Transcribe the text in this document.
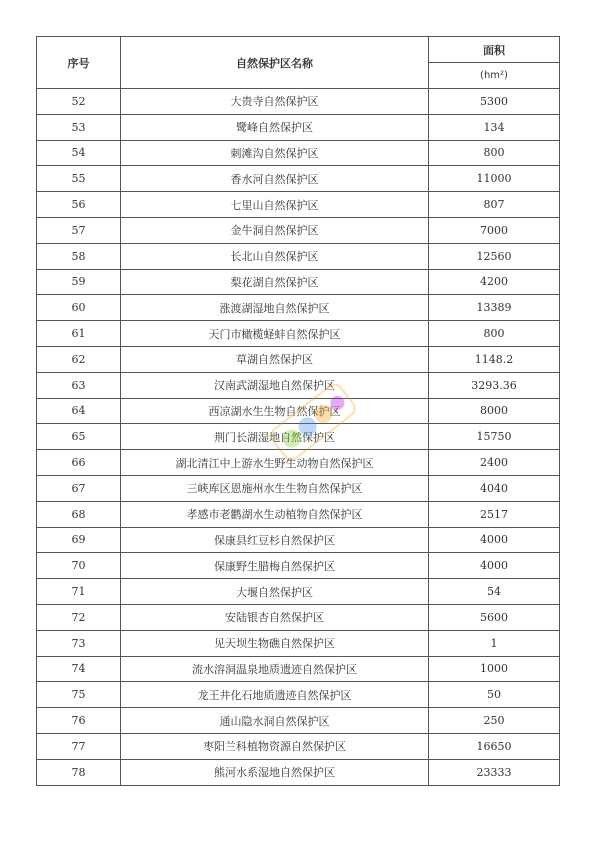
序号	自然保护区名称	面积
		(hm²)
52	大贵寺自然保护区	5300
53	鹭峰自然保护区	134
54	刺滩沟自然保护区	800
55	香水河自然保护区	11000
56	七里山自然保护区	807
57	金牛洞自然保护区	7000
58	长北山自然保护区	12560
59	梨花湖自然保护区	4200
60	涨渡湖湿地自然保护区	13389
61	天门市橄榄蛏蚌自然保护区	800
62	草湖自然保护区	1148.2
63	汉南武湖湿地自然保护区	3293.36
64	西凉湖水生生物自然保护区	8000
65	荆门长湖湿地自然保护区	15750
66	湖北清江中上游水生野生动物自然保护区	2400
67	三峡库区恩施州水生生物自然保护区	4040
68	孝感市老鹳湖水生动植物自然保护区	2517
69	保康县红豆杉自然保护区	4000
70	保康野生腊梅自然保护区	4000
71	大堰自然保护区	54
72	安陆银杏自然保护区	5600
73	见天坝生物礁自然保护区	1
74	流水溶洞温泉地质遗迹自然保护区	1000
75	龙王井化石地质遗迹自然保护区	50
76	通山隐水洞自然保护区	250
77	枣阳兰科植物资源自然保护区	16650
78	熊河水系湿地自然保护区	23333
